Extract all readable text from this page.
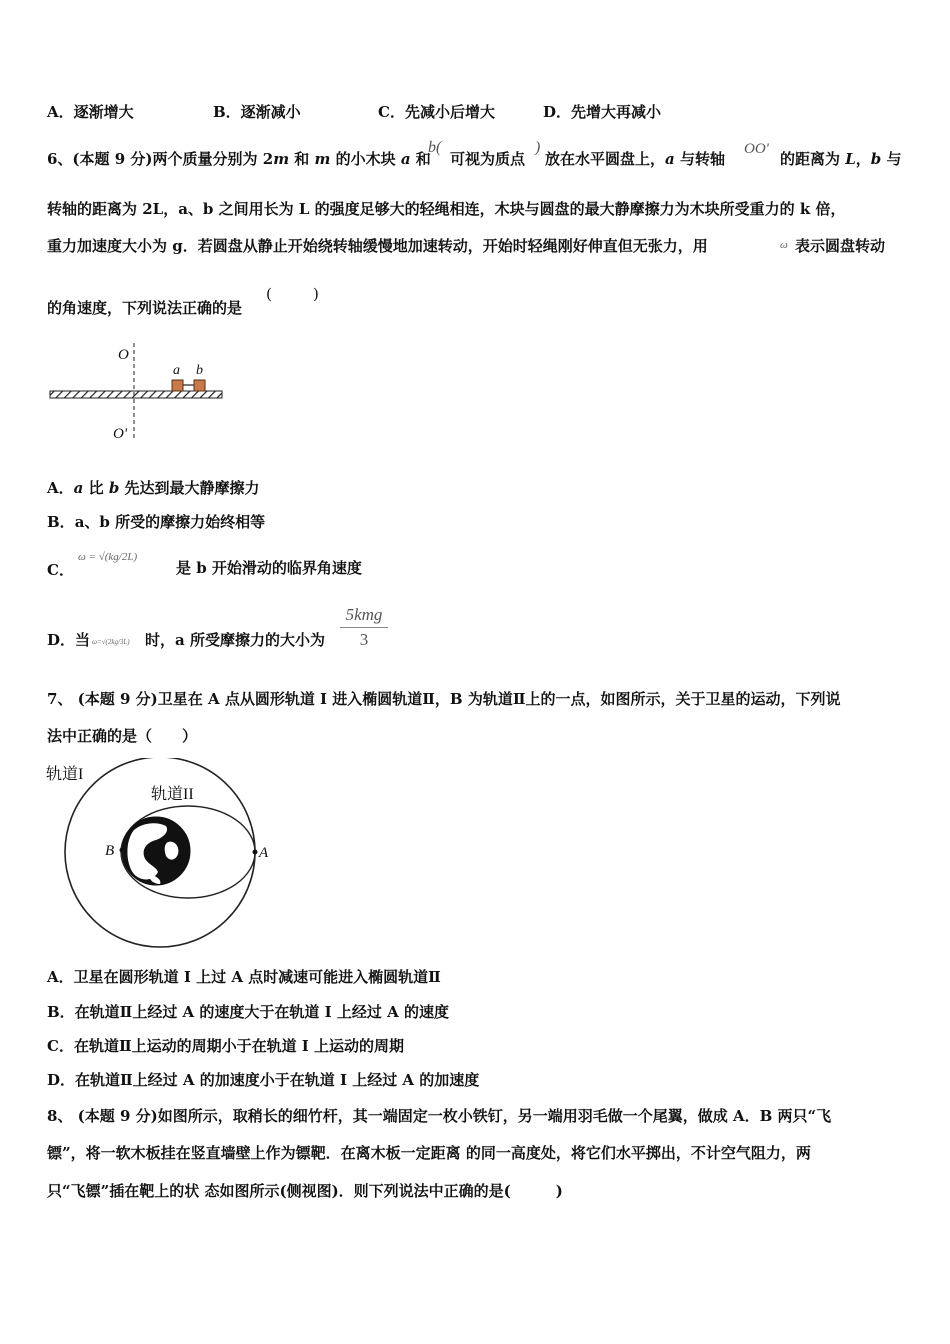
A．逐渐增大	B．逐渐减小	C．先减小后增大	D．先增大再减小
6、(本题 9 分)两个质量分别为 2m 和 m 的小木块 a 和
b(
可视为质点
)
放在水平圆盘上，a 与转轴
OO'
的距离为 L，b 与
转轴的距离为 2L，a、b 之间用长为 L 的强度足够大的轻绳相连，木块与圆盘的最大静摩擦力为木块所受重力的 k 倍，
重力加速度大小为 g．若圆盘从静止开始绕转轴缓慢地加速转动，开始时轻绳刚好伸直但无张力，用	ω 表示圆盘转动
的角速度，下列说法正确的是
(	)
O
O'
a b
A．a 比 b 先达到最大静摩擦力
B．a、b 所受的摩擦力始终相等
C．
ω = √(kg/2L)
是 b 开始滑动的临界角速度
D．当 ω=√(2kg/3L) 时，a 所受摩擦力的大小为
5kmg
3
7、 (本题 9 分)卫星在 A 点从圆形轨道 I 进入椭圆轨道Ⅱ，B 为轨道Ⅱ上的一点，如图所示，关于卫星的运动，下列说
法中正确的是（　　）
轨道I
轨道II
B	A
A．卫星在圆形轨道 I 上过 A 点时减速可能进入椭圆轨道Ⅱ
B．在轨道Ⅱ上经过 A 的速度大于在轨道 I 上经过 A 的速度
C．在轨道Ⅱ上运动的周期小于在轨道 I 上运动的周期
D．在轨道Ⅱ上经过 A 的加速度小于在轨道 I 上经过 A 的加速度
8、 (本题 9 分)如图所示，取稍长的细竹杆，其一端固定一枚小铁钉，另一端用羽毛做一个尾翼，做成 A．B 两只“飞
镖”，将一软木板挂在竖直墙壁上作为镖靶．在离木板一定距离 的同一高度处，将它们水平掷出，不计空气阻力，两
只“飞镖”插在靶上的状 态如图所示(侧视图)．则下列说法中正确的是(　　　)
